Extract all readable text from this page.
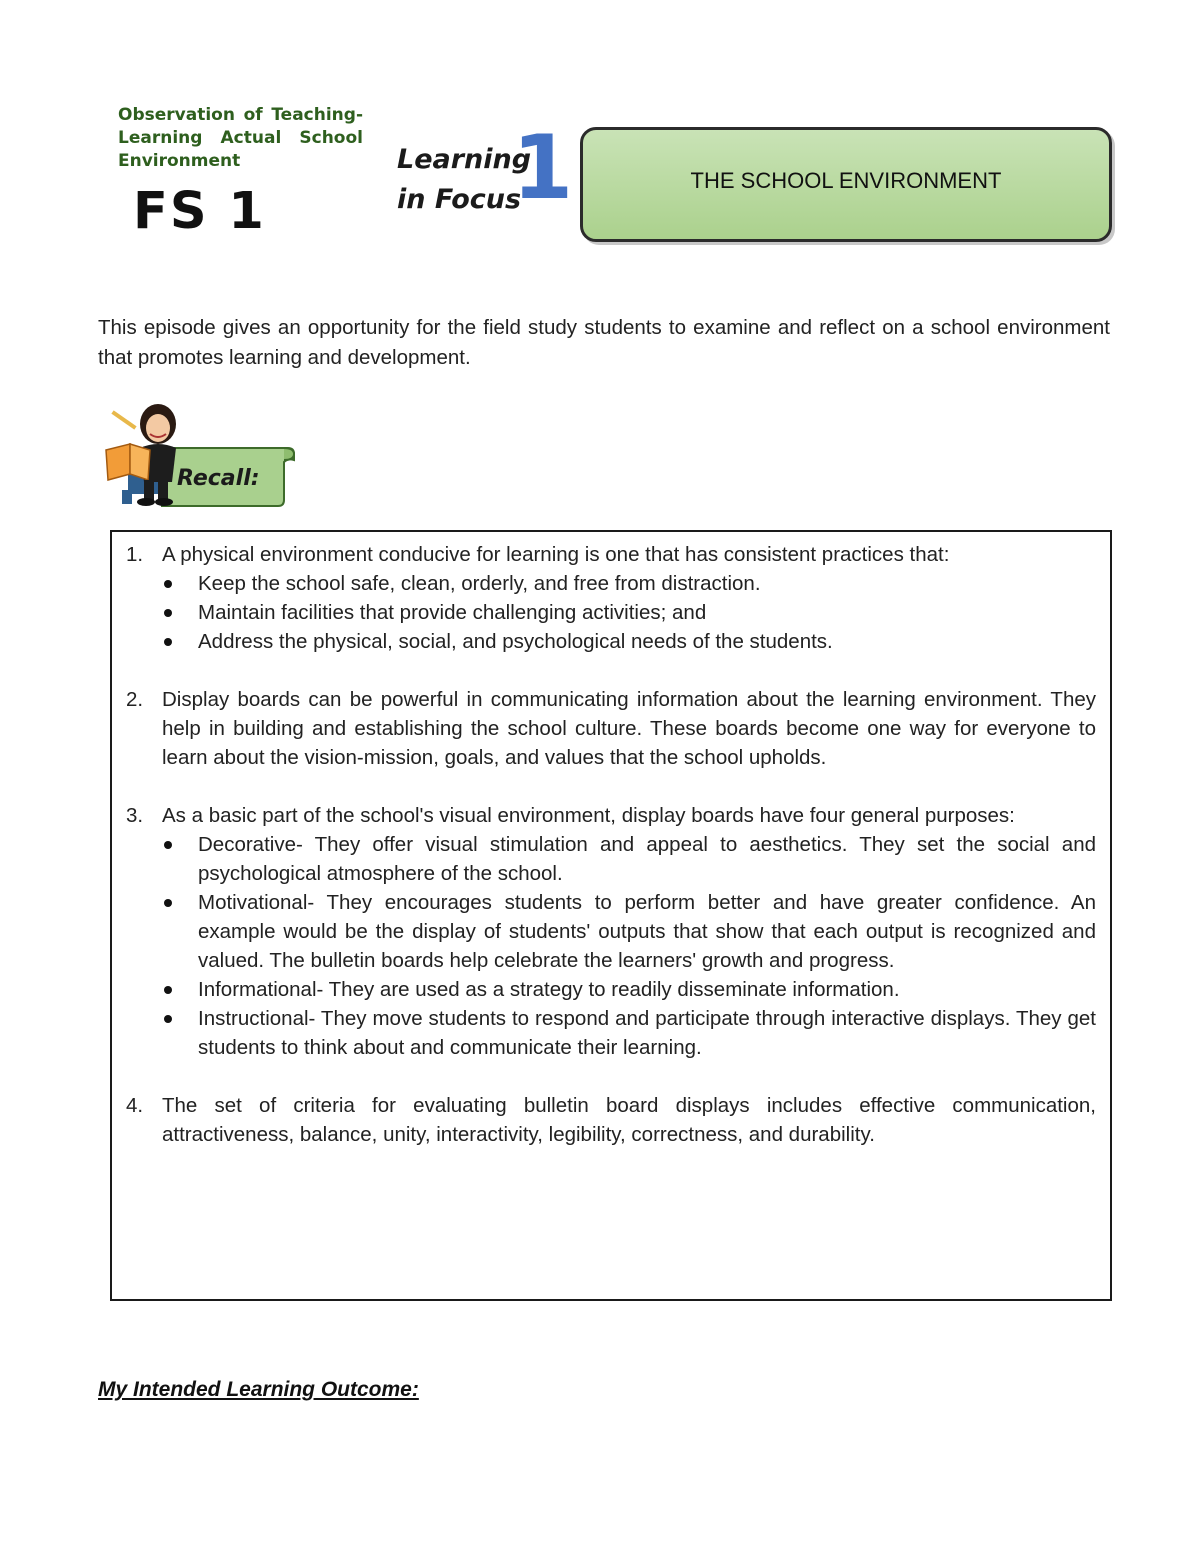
Observation of Teaching-Learning Actual School Environment
FS 1
Learning
in Focus
1	THE SCHOOL ENVIRONMENT
This episode gives an opportunity for the field study students to examine and reflect on a school environment that promotes learning and development.
Recall:
1. A physical environment conducive for learning is one that has consistent practices that:
Keep the school safe, clean, orderly, and free from distraction.
Maintain facilities that provide challenging activities; and
Address the physical, social, and psychological needs of the students.
2. Display boards can be powerful in communicating information about the learning environment. They help in building and establishing the school culture. These boards become one way for everyone to learn about the vision-mission, goals, and values that the school upholds.
3. As a basic part of the school's visual environment, display boards have four general purposes:
Decorative- They offer visual stimulation and appeal to aesthetics. They set the social and psychological atmosphere of the school.
Motivational- They encourages students to perform better and have greater confidence. An example would be the display of students' outputs that show that each output is recognized and valued. The bulletin boards help celebrate the learners' growth and progress.
Informational- They are used as a strategy to readily disseminate information.
Instructional- They move students to respond and participate through interactive displays. They get students to think about and communicate their learning.
4. The set of criteria for evaluating bulletin board displays includes effective communication, attractiveness, balance, unity, interactivity, legibility, correctness, and durability.
My Intended Learning Outcome:
